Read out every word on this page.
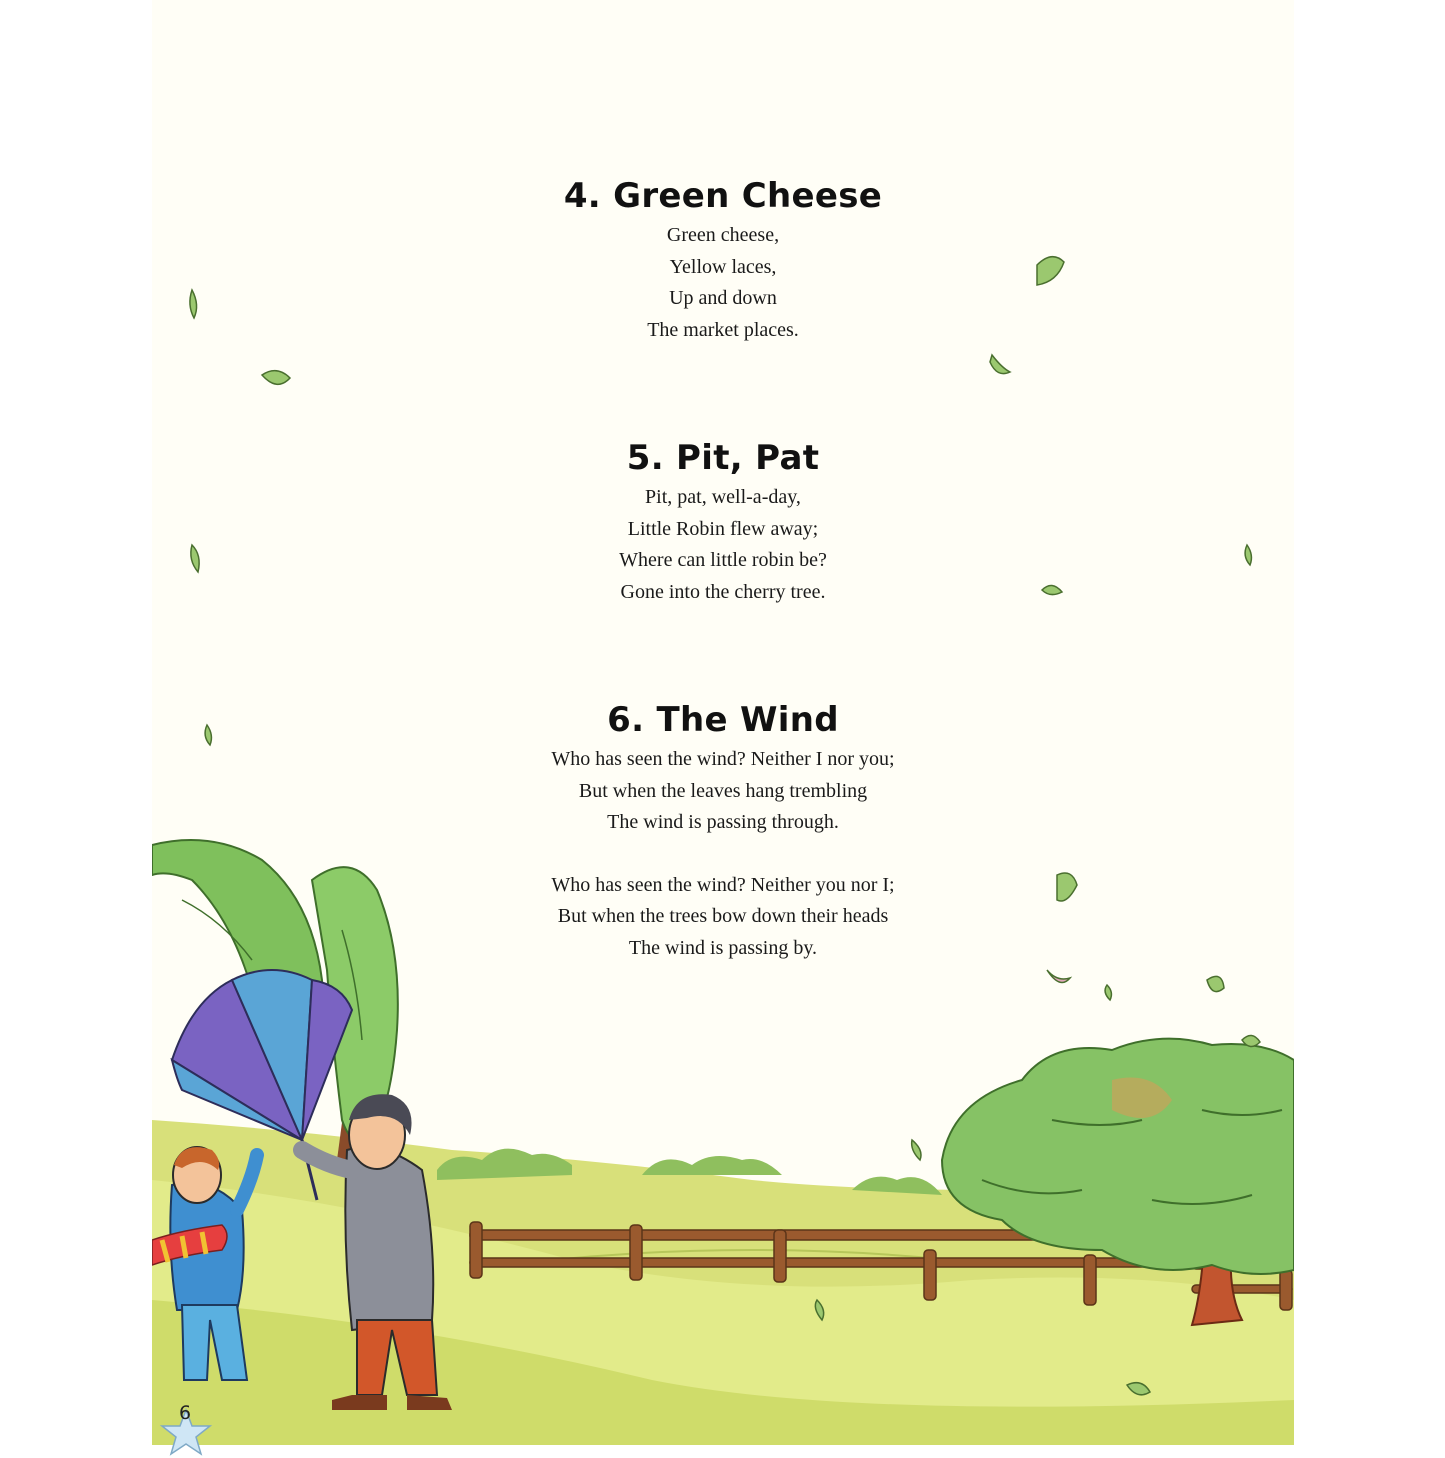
4. Green Cheese
Green cheese,
Yellow laces,
Up and down
The market places.
5. Pit, Pat
Pit, pat, well-a-day,
Little Robin flew away;
Where can little robin be?
Gone into the cherry tree.
6. The Wind
Who has seen the wind? Neither I nor you;
But when the leaves hang trembling
The wind is passing through.
Who has seen the wind? Neither you nor I;
But when the trees bow down their heads
The wind is passing by.
6
